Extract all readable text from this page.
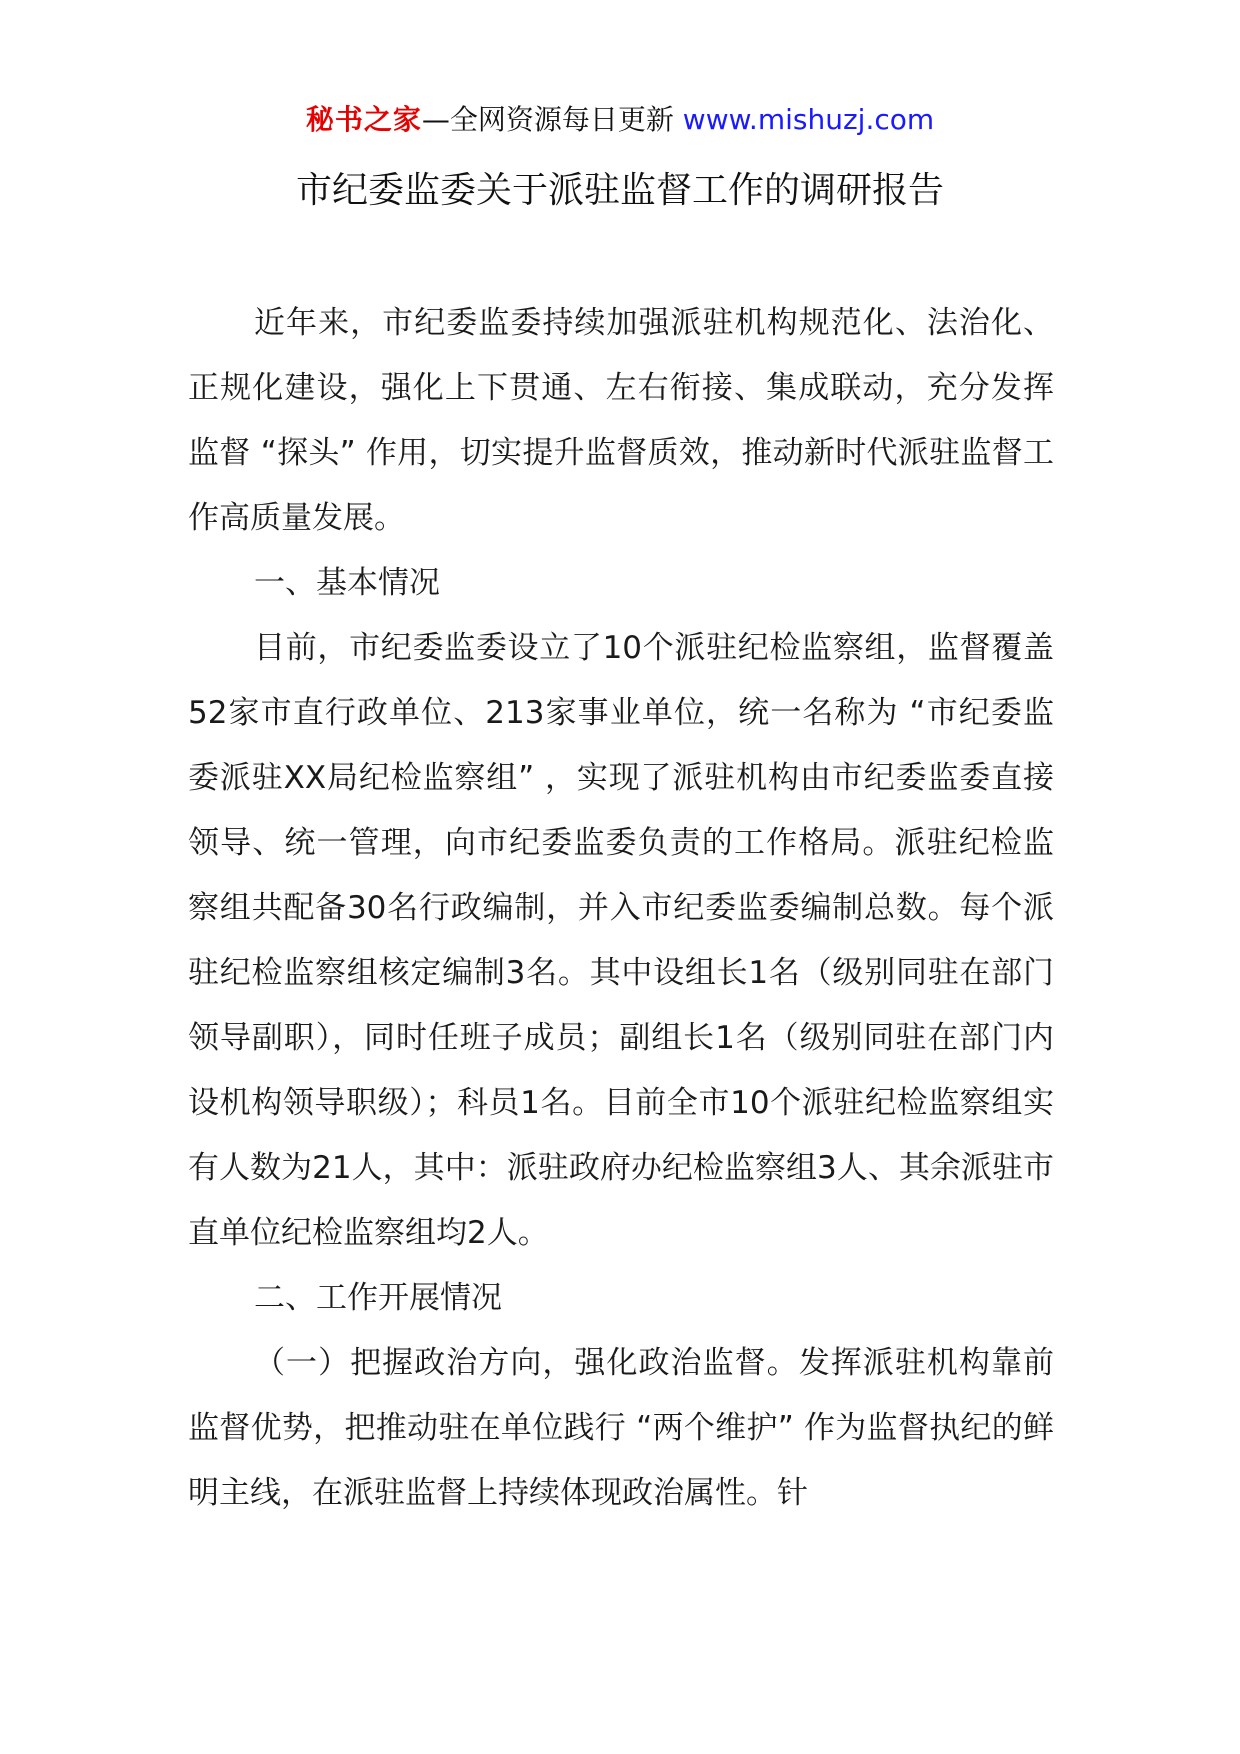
秘书之家—全网资源每日更新 www.mishuzj.com
市纪委监委关于派驻监督工作的调研报告

近年来，市纪委监委持续加强派驻机构规范化、法治化、正规化建设，强化上下贯通、左右衔接、集成联动，充分发挥监督 “探头” 作用，切实提升监督质效，推动新时代派驻监督工作高质量发展。

一、基本情况

目前，市纪委监委设立了10个派驻纪检监察组，监督覆盖52家市直行政单位、213家事业单位，统一名称为 “市纪委监委派驻XX局纪检监察组” ，实现了派驻机构由市纪委监委直接领导、统一管理，向市纪委监委负责的工作格局。派驻纪检监察组共配备30名行政编制，并入市纪委监委编制总数。每个派驻纪检监察组核定编制3名。其中设组长1名（级别同驻在部门领导副职），同时任班子成员；副组长1名（级别同驻在部门内设机构领导职级）；科员1名。目前全市10个派驻纪检监察组实有人数为21人，其中：派驻政府办纪检监察组3人、其余派驻市直单位纪检监察组均2人。

二、工作开展情况

（一）把握政治方向，强化政治监督。发挥派驻机构靠前监督优势，把推动驻在单位践行 “两个维护” 作为监督执纪的鲜明主线，在派驻监督上持续体现政治属性。针
